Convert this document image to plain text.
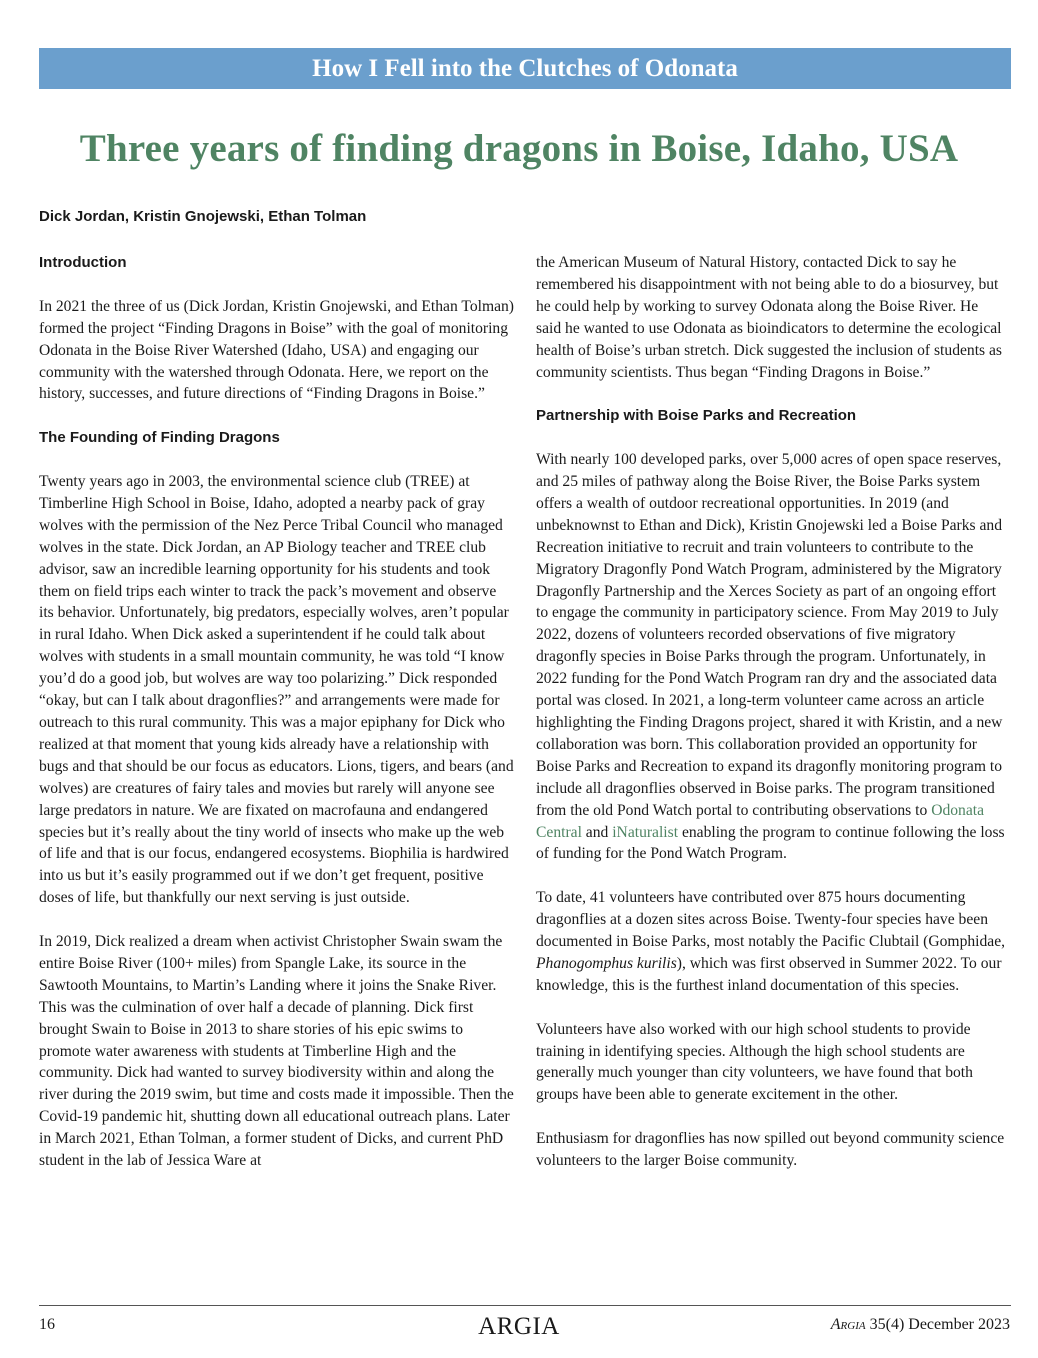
How I Fell into the Clutches of Odonata
Three years of finding dragons in Boise, Idaho, USA
Dick Jordan, Kristin Gnojewski, Ethan Tolman
Introduction

In 2021 the three of us (Dick Jordan, Kristin Gnojewski, and Ethan Tolman) formed the project “Finding Dragons in Boise” with the goal of monitoring Odonata in the Boise River Watershed (Idaho, USA) and engaging our community with the watershed through Odonata. Here, we report on the history, successes, and future directions of “Finding Dragons in Boise.”

The Founding of Finding Dragons

Twenty years ago in 2003, the environmental science club (TREE) at Timberline High School in Boise, Idaho, adopted a nearby pack of gray wolves with the permission of the Nez Perce Tribal Council who managed wolves in the state. Dick Jordan, an AP Biology teacher and TREE club advisor, saw an incredible learning opportunity for his students and took them on field trips each winter to track the pack’s movement and observe its behavior. Unfortunately, big predators, especially wolves, aren’t popular in rural Idaho. When Dick asked a superintendent if he could talk about wolves with students in a small mountain community, he was told “I know you’d do a good job, but wolves are way too polarizing.” Dick responded “okay, but can I talk about dragonflies?” and arrangements were made for outreach to this rural community. This was a major epiphany for Dick who realized at that moment that young kids already have a relationship with bugs and that should be our focus as educators. Lions, tigers, and bears (and wolves) are creatures of fairy tales and movies but rarely will anyone see large predators in nature. We are fixated on macrofauna and endangered species but it’s really about the tiny world of insects who make up the web of life and that is our focus, endangered ecosystems. Biophilia is hardwired into us but it’s easily programmed out if we don’t get frequent, positive doses of life, but thankfully our next serving is just outside.

In 2019, Dick realized a dream when activist Christopher Swain swam the entire Boise River (100+ miles) from Spangle Lake, its source in the Sawtooth Mountains, to Martin’s Landing where it joins the Snake River. This was the culmination of over half a decade of planning. Dick first brought Swain to Boise in 2013 to share stories of his epic swims to promote water awareness with students at Timberline High and the community. Dick had wanted to survey biodiversity within and along the river during the 2019 swim, but time and costs made it impossible. Then the Covid-19 pandemic hit, shutting down all educational outreach plans. Later in March 2021, Ethan Tolman, a former student of Dicks, and current PhD student in the lab of Jessica Ware at

the American Museum of Natural History, contacted Dick to say he remembered his disappointment with not being able to do a biosurvey, but he could help by working to survey Odonata along the Boise River. He said he wanted to use Odonata as bioindicators to determine the ecological health of Boise’s urban stretch. Dick suggested the inclusion of students as community scientists. Thus began “Finding Dragons in Boise.”

Partnership with Boise Parks and Recreation

With nearly 100 developed parks, over 5,000 acres of open space reserves, and 25 miles of pathway along the Boise River, the Boise Parks system offers a wealth of outdoor recreational opportunities. In 2019 (and unbeknownst to Ethan and Dick), Kristin Gnojewski led a Boise Parks and Recreation initiative to recruit and train volunteers to contribute to the Migratory Dragonfly Pond Watch Program, administered by the Migratory Dragonfly Partnership and the Xerces Society as part of an ongoing effort to engage the community in participatory science. From May 2019 to July 2022, dozens of volunteers recorded observations of five migratory dragonfly species in Boise Parks through the program. Unfortunately, in 2022 funding for the Pond Watch Program ran dry and the associated data portal was closed. In 2021, a long-term volunteer came across an article highlighting the Finding Dragons project, shared it with Kristin, and a new collaboration was born. This collaboration provided an opportunity for Boise Parks and Recreation to expand its dragonfly monitoring program to include all dragonflies observed in Boise parks. The program transitioned from the old Pond Watch portal to contributing observations to Odonata Central and iNaturalist enabling the program to continue following the loss of funding for the Pond Watch Program.

To date, 41 volunteers have contributed over 875 hours documenting dragonflies at a dozen sites across Boise. Twenty-four species have been documented in Boise Parks, most notably the Pacific Clubtail (Gomphidae, Phanogomphus kurilis), which was first observed in Summer 2022. To our knowledge, this is the furthest inland documentation of this species.

Volunteers have also worked with our high school students to provide training in identifying species. Although the high school students are generally much younger than city volunteers, we have found that both groups have been able to generate excitement in the other.

Enthusiasm for dragonflies has now spilled out beyond community science volunteers to the larger Boise community.

16	ARGIA	Argia 35(4) December 2023
